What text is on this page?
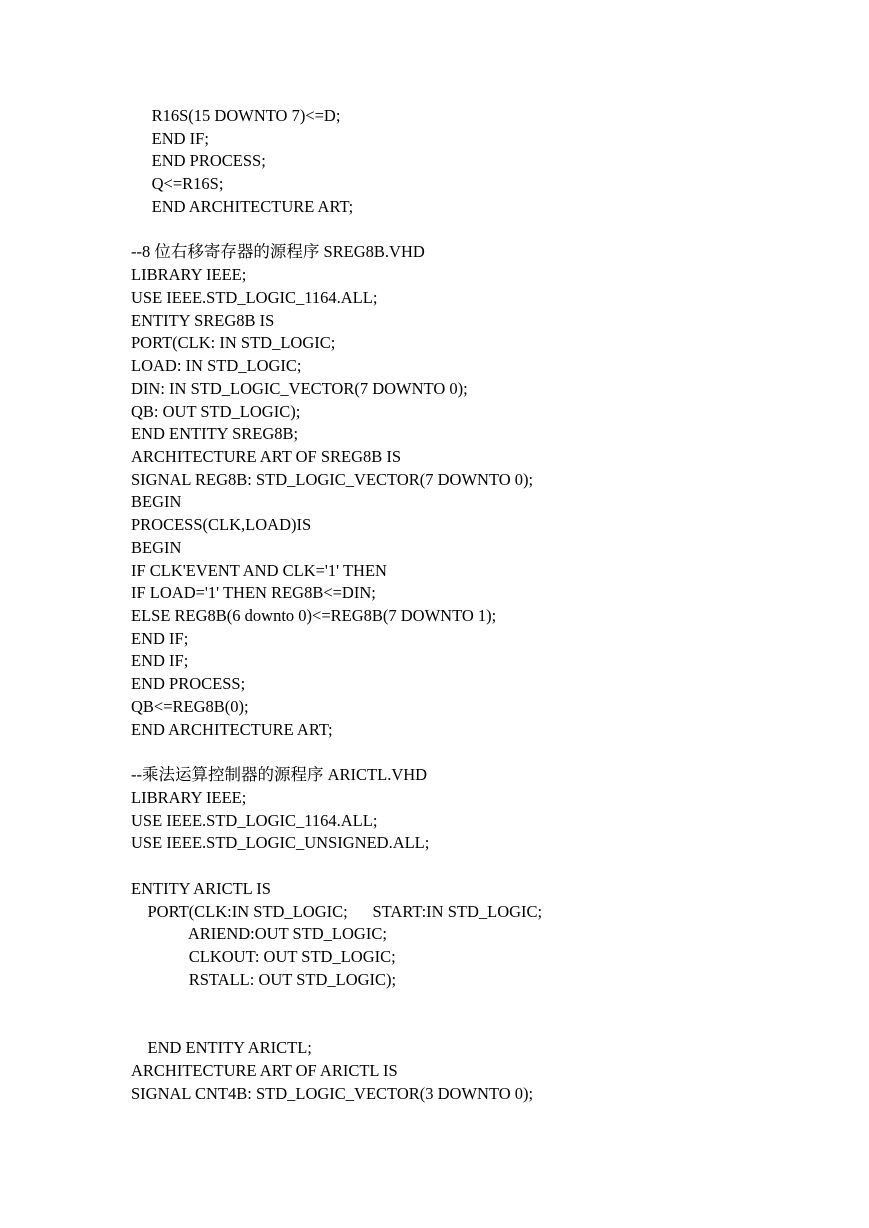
R16S(15 DOWNTO 7)<=D;
END IF;
END PROCESS;
Q<=R16S;
END ARCHITECTURE ART;
--8 位右移寄存器的源程序 SREG8B.VHD
LIBRARY IEEE;
USE IEEE.STD_LOGIC_1164.ALL;
ENTITY SREG8B IS
PORT(CLK: IN STD_LOGIC;
LOAD: IN STD_LOGIC;
DIN: IN STD_LOGIC_VECTOR(7 DOWNTO 0);
QB: OUT STD_LOGIC);
END ENTITY SREG8B;
ARCHITECTURE ART OF SREG8B IS
SIGNAL REG8B: STD_LOGIC_VECTOR(7 DOWNTO 0);
BEGIN
PROCESS(CLK,LOAD)IS
BEGIN
IF CLK'EVENT AND CLK='1' THEN
IF LOAD='1' THEN REG8B<=DIN;
ELSE REG8B(6 downto 0)<=REG8B(7 DOWNTO 1);
END IF;
END IF;
END PROCESS;
QB<=REG8B(0);
END ARCHITECTURE ART;
--乘法运算控制器的源程序 ARICTL.VHD
LIBRARY IEEE;
USE IEEE.STD_LOGIC_1164.ALL;
USE IEEE.STD_LOGIC_UNSIGNED.ALL;
ENTITY ARICTL IS
PORT(CLK:IN STD_LOGIC;      START:IN STD_LOGIC;
ARIEND:OUT STD_LOGIC;
CLKOUT: OUT STD_LOGIC;
RSTALL: OUT STD_LOGIC);
END ENTITY ARICTL;
ARCHITECTURE ART OF ARICTL IS
SIGNAL CNT4B: STD_LOGIC_VECTOR(3 DOWNTO 0);
